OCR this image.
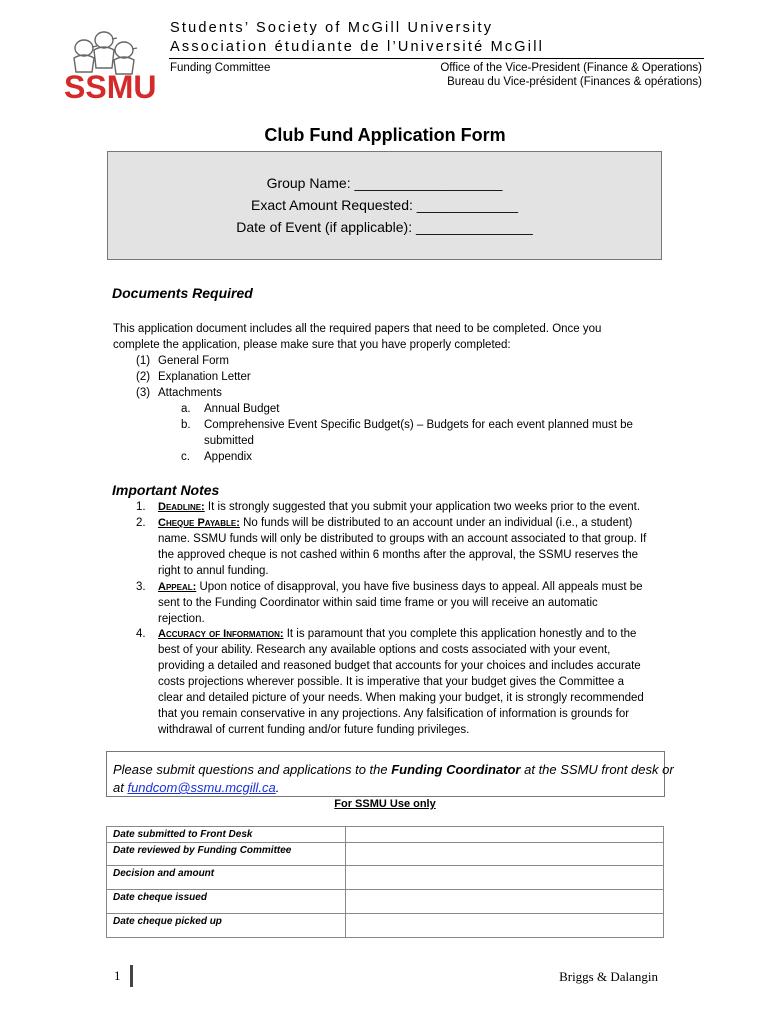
SSMU
Students’ Society of McGill University
Association étudiante de l’Université McGill
Funding Committee	Office of the Vice-President (Finance & Operations)
Bureau du Vice-président (Finances & opérations)
Club Fund Application Form
Group Name: ___________________
Exact Amount Requested: _____________
Date of Event (if applicable): _______________
Documents Required
This application document includes all the required papers that need to be completed. Once you
complete the application, please make sure that you have properly completed:
(1) General Form
(2) Explanation Letter
(3) Attachments
a. Annual Budget
b. Comprehensive Event Specific Budget(s) – Budgets for each event planned must be
submitted
c. Appendix
Important Notes
1. Deadline: It is strongly suggested that you submit your application two weeks prior to the event.
2. Cheque Payable: No funds will be distributed to an account under an individual (i.e., a student)
name. SSMU funds will only be distributed to groups with an account associated to that group. If
the approved cheque is not cashed within 6 months after the approval, the SSMU reserves the
right to annul funding.
3. Appeal: Upon notice of disapproval, you have five business days to appeal. All appeals must be
sent to the Funding Coordinator within said time frame or you will receive an automatic
rejection.
4. Accuracy of Information: It is paramount that you complete this application honestly and to the
best of your ability. Research any available options and costs associated with your event,
providing a detailed and reasoned budget that accounts for your choices and includes accurate
costs projections wherever possible. It is imperative that your budget gives the Committee a
clear and detailed picture of your needs. When making your budget, it is strongly recommended
that you remain conservative in any projections. Any falsification of information is grounds for
withdrawal of current funding and/or future funding privileges.
Please submit questions and applications to the Funding Coordinator at the SSMU front desk or
at fundcom@ssmu.mcgill.ca.
For SSMU Use only
Date submitted to Front Desk	
Date reviewed by Funding Committee	
Decision and amount	
Date cheque issued	
Date cheque picked up	
1	Briggs & Dalangin
